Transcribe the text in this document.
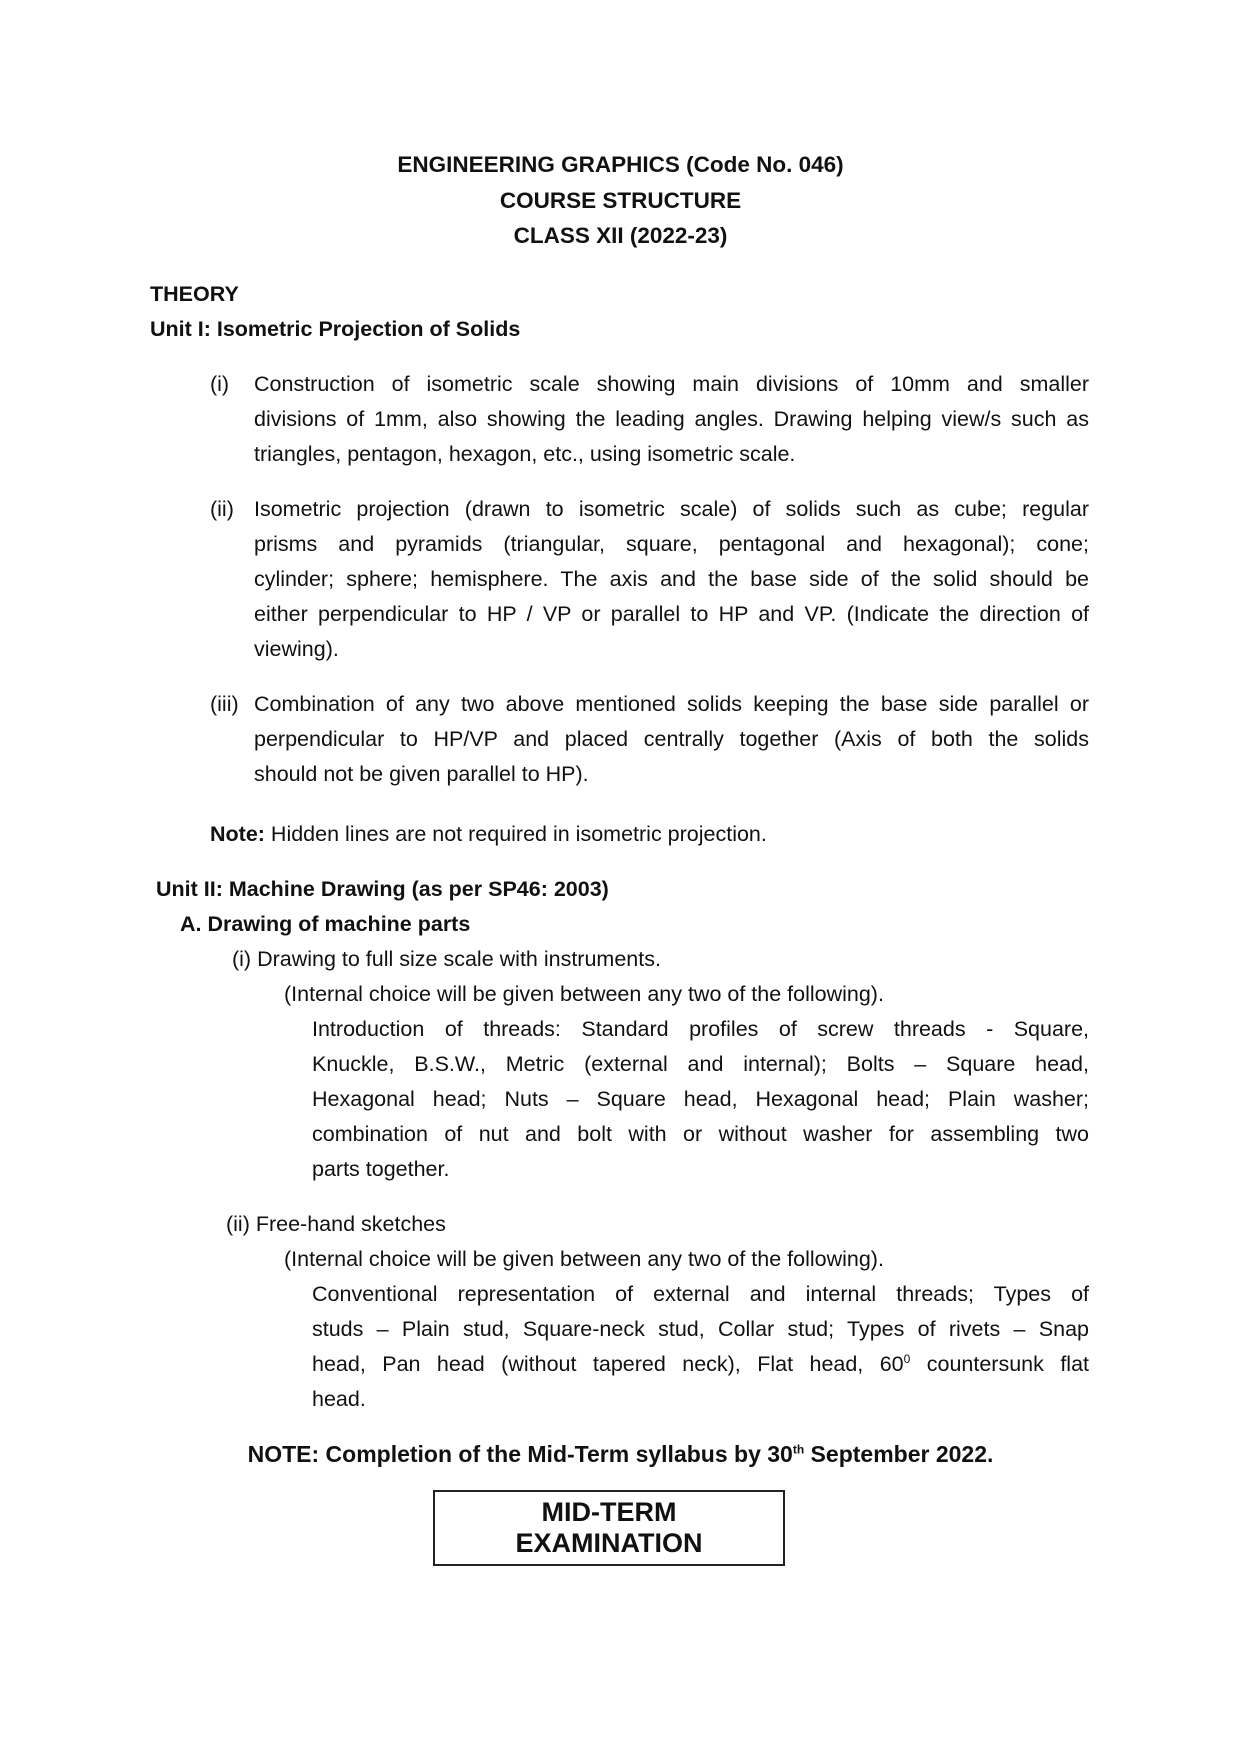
ENGINEERING GRAPHICS (Code No. 046)
COURSE STRUCTURE
CLASS XII (2022-23)
THEORY
Unit I: Isometric Projection of Solids
(i) Construction of isometric scale showing main divisions of 10mm and smaller
divisions of 1mm, also showing the leading angles. Drawing helping view/s such as
triangles, pentagon, hexagon, etc., using isometric scale.
(ii) Isometric projection (drawn to isometric scale) of solids such as cube; regular
prisms and pyramids (triangular, square, pentagonal and hexagonal); cone;
cylinder; sphere; hemisphere. The axis and the base side of the solid should be
either perpendicular to HP / VP or parallel to HP and VP. (Indicate the direction of
viewing).
(iii) Combination of any two above mentioned solids keeping the base side parallel or
perpendicular to HP/VP and placed centrally together (Axis of both the solids
should not be given parallel to HP).
Note: Hidden lines are not required in isometric projection.
Unit II: Machine Drawing (as per SP46: 2003)
A. Drawing of machine parts
(i) Drawing to full size scale with instruments.
(Internal choice will be given between any two of the following).
Introduction of threads: Standard profiles of screw threads - Square,
Knuckle, B.S.W., Metric (external and internal); Bolts – Square head,
Hexagonal head; Nuts – Square head, Hexagonal head; Plain washer;
combination of nut and bolt with or without washer for assembling two
parts together.
(ii) Free-hand sketches
(Internal choice will be given between any two of the following).
Conventional representation of external and internal threads; Types of
studs – Plain stud, Square-neck stud, Collar stud; Types of rivets – Snap
head, Pan head (without tapered neck), Flat head, $60^0$ countersunk flat
head.
NOTE: Completion of the Mid-Term syllabus by 30th September 2022.
MID-TERM EXAMINATION
